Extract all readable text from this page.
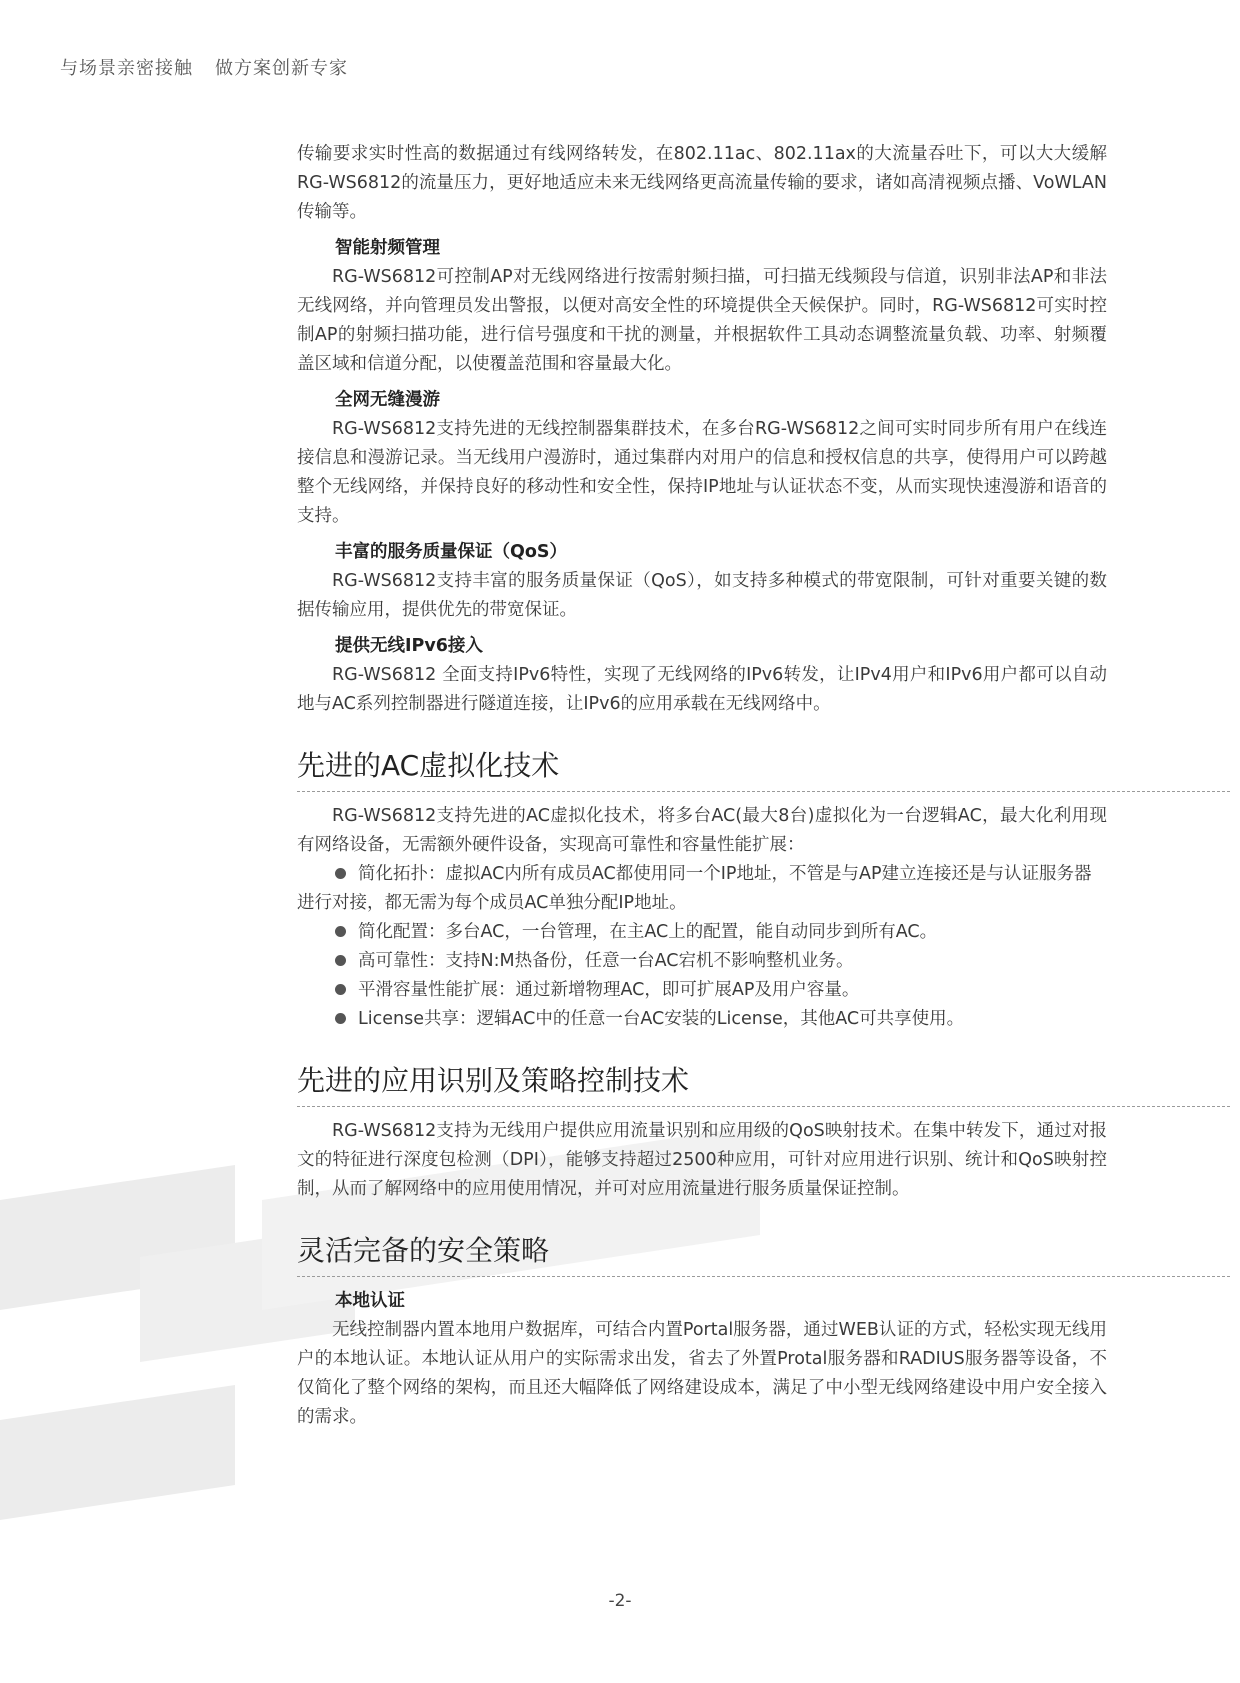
与场景亲密接触 做方案创新专家

传输要求实时性高的数据通过有线网络转发，在802.11ac、802.11ax的大流量吞吐下，可以大大缓解RG-WS6812的流量压力，更好地适应未来无线网络更高流量传输的要求，诸如高清视频点播、VoWLAN传输等。

智能射频管理

RG-WS6812可控制AP对无线网络进行按需射频扫描，可扫描无线频段与信道，识别非法AP和非法无线网络，并向管理员发出警报，以便对高安全性的环境提供全天候保护。同时，RG-WS6812可实时控制AP的射频扫描功能，进行信号强度和干扰的测量，并根据软件工具动态调整流量负载、功率、射频覆盖区域和信道分配，以使覆盖范围和容量最大化。

全网无缝漫游

RG-WS6812支持先进的无线控制器集群技术，在多台RG-WS6812之间可实时同步所有用户在线连接信息和漫游记录。当无线用户漫游时，通过集群内对用户的信息和授权信息的共享，使得用户可以跨越整个无线网络，并保持良好的移动性和安全性，保持IP地址与认证状态不变，从而实现快速漫游和语音的支持。

丰富的服务质量保证（QoS）

RG-WS6812支持丰富的服务质量保证（QoS），如支持多种模式的带宽限制，可针对重要关键的数据传输应用，提供优先的带宽保证。

提供无线IPv6接入

RG-WS6812 全面支持IPv6特性，实现了无线网络的IPv6转发，让IPv4用户和IPv6用户都可以自动地与AC系列控制器进行隧道连接，让IPv6的应用承载在无线网络中。

先进的AC虚拟化技术

RG-WS6812支持先进的AC虚拟化技术，将多台AC(最大8台)虚拟化为一台逻辑AC，最大化利用现有网络设备，无需额外硬件设备，实现高可靠性和容量性能扩展：

简化拓扑：虚拟AC内所有成员AC都使用同一个IP地址，不管是与AP建立连接还是与认证服务器进行对接，都无需为每个成员AC单独分配IP地址。
简化配置：多台AC，一台管理，在主AC上的配置，能自动同步到所有AC。
高可靠性：支持N:M热备份，任意一台AC宕机不影响整机业务。
平滑容量性能扩展：通过新增物理AC，即可扩展AP及用户容量。
License共享：逻辑AC中的任意一台AC安装的License，其他AC可共享使用。
先进的应用识别及策略控制技术

RG-WS6812支持为无线用户提供应用流量识别和应用级的QoS映射技术。在集中转发下，通过对报文的特征进行深度包检测（DPI），能够支持超过2500种应用，可针对应用进行识别、统计和QoS映射控制，从而了解网络中的应用使用情况，并可对应用流量进行服务质量保证控制。

灵活完备的安全策略
本地认证

无线控制器内置本地用户数据库，可结合内置Portal服务器，通过WEB认证的方式，轻松实现无线用户的本地认证。本地认证从用户的实际需求出发，省去了外置Protal服务器和RADIUS服务器等设备，不仅简化了整个网络的架构，而且还大幅降低了网络建设成本，满足了中小型无线网络建设中用户安全接入的需求。

-2-
